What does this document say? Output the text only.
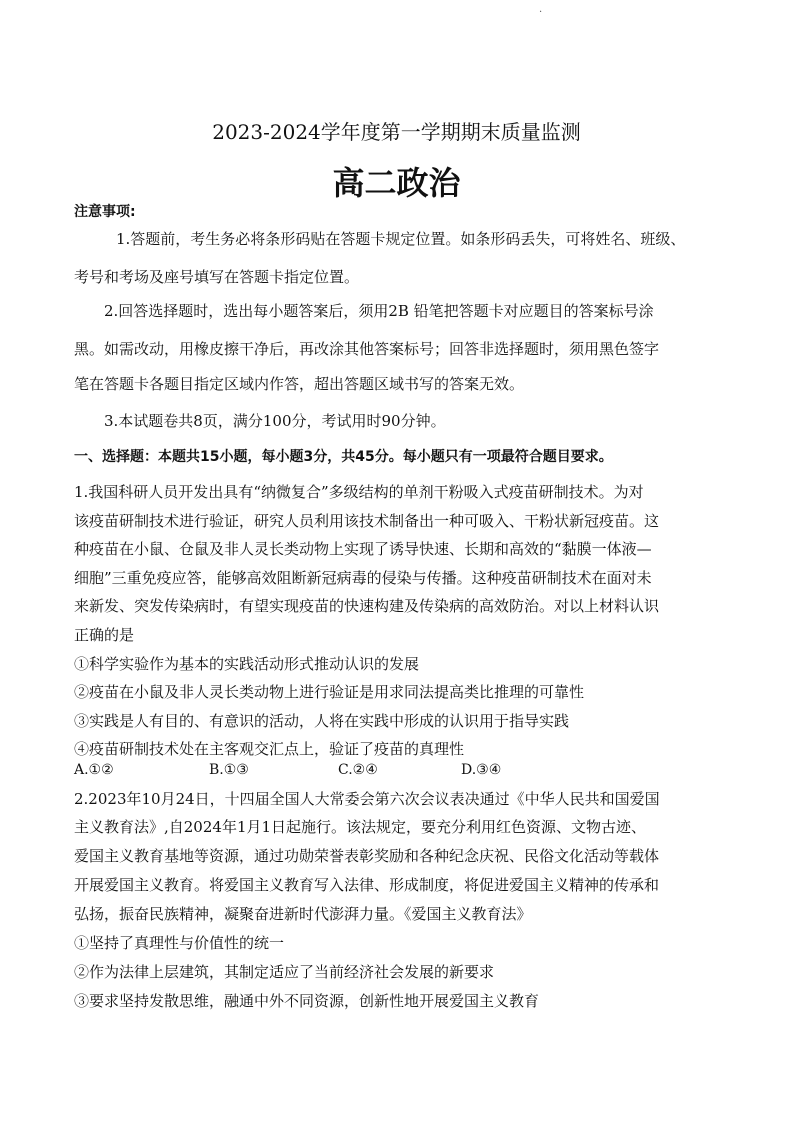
.
2023-2024学年度第一学期期末质量监测
高二政治
注意事项:
1.答题前，考生务必将条形码贴在答题卡规定位置。如条形码丢失，可将姓名、班级、
考号和考场及座号填写在答题卡指定位置。
2.回答选择题时，选出每小题答案后，须用2B 铅笔把答题卡对应题目的答案标号涂
黑。如需改动，用橡皮擦干净后，再改涂其他答案标号；回答非选择题时，须用黑色签字
笔在答题卡各题目指定区域内作答，超出答题区域书写的答案无效。
3.本试题卷共8页，满分100分，考试用时90分钟。
一、选择题：本题共15小题，每小题3分，共45分。每小题只有一项最符合题目要求。
1.我国科研人员开发出具有“纳微复合”多级结构的单剂干粉吸入式疫苗研制技术。为对
该疫苗研制技术进行验证，研究人员利用该技术制备出一种可吸入、干粉状新冠疫苗。这
种疫苗在小鼠、仓鼠及非人灵长类动物上实现了诱导快速、长期和高效的“黏膜一体液—
细胞”三重免疫应答，能够高效阻断新冠病毒的侵染与传播。这种疫苗研制技术在面对未
来新发、突发传染病时，有望实现疫苗的快速构建及传染病的高效防治。对以上材料认识
正确的是
①科学实验作为基本的实践活动形式推动认识的发展
②疫苗在小鼠及非人灵长类动物上进行验证是用求同法提高类比推理的可靠性
③实践是人有目的、有意识的活动，人将在实践中形成的认识用于指导实践
④疫苗研制技术处在主客观交汇点上，验证了疫苗的真理性
A.①②	B.①③	C.②④	D.③④
2.2023年10月24日，十四届全国人大常委会第六次会议表决通过《中华人民共和国爱国
主义教育法》,自2024年1月1日起施行。该法规定，要充分利用红色资源、文物古迹、
爱国主义教育基地等资源，通过功勋荣誉表彰奖励和各种纪念庆祝、民俗文化活动等载体
开展爱国主义教育。将爱国主义教育写入法律、形成制度，将促进爱国主义精神的传承和
弘扬，振奋民族精神，凝聚奋进新时代澎湃力量。《爱国主义教育法》
①坚持了真理性与价值性的统一
②作为法律上层建筑，其制定适应了当前经济社会发展的新要求
③要求坚持发散思维，融通中外不同资源，创新性地开展爱国主义教育
